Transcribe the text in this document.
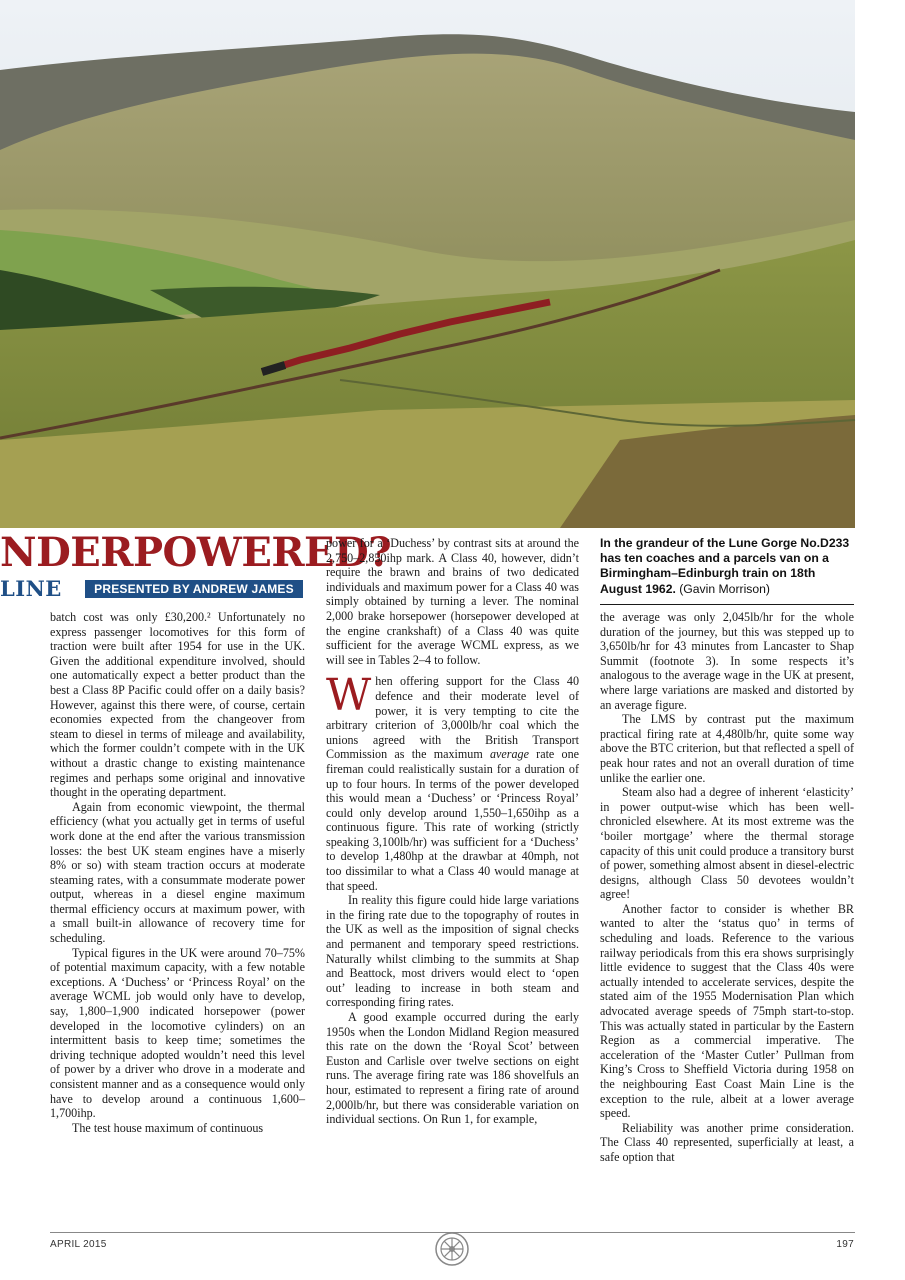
NDERPOWERED?
LINE	PRESENTED BY ANDREW JAMES

batch cost was only £30,200.² Unfortunately no express passenger locomotives for this form of traction were built after 1954 for use in the UK. Given the additional expenditure involved, should one automatically expect a better product than the best a Class 8P Pacific could offer on a daily basis? However, against this there were, of course, certain economies expected from the changeover from steam to diesel in terms of mileage and availability, which the former couldn’t compete with in the UK without a drastic change to existing maintenance regimes and perhaps some original and innovative thought in the operating department.

Again from economic viewpoint, the thermal efficiency (what you actually get in terms of useful work done at the end after the various transmission losses: the best UK steam engines have a miserly 8% or so) with steam traction occurs at moderate steaming rates, with a consummate moderate power output, whereas in a diesel engine maximum thermal efficiency occurs at maximum power, with a small built-in allowance of recovery time for scheduling.

Typical figures in the UK were around 70–75% of potential maximum capacity, with a few notable exceptions. A ‘Duchess’ or ‘Princess Royal’ on the average WCML job would only have to develop, say, 1,800–1,900 indicated horsepower (power developed in the locomotive cylinders) on an intermittent basis to keep time; sometimes the driving technique adopted wouldn’t need this level of power by a driver who drove in a moderate and consistent manner and as a consequence would only have to develop around a continuous 1,600–1,700ihp.

The test house maximum of continuous

power for a ‘Duchess’ by contrast sits at around the 2,750–2,850ihp mark. A Class 40, however, didn’t require the brawn and brains of two dedicated individuals and maximum power for a Class 40 was simply obtained by turning a lever. The nominal 2,000 brake horsepower (horsepower developed at the engine crankshaft) of a Class 40 was quite sufficient for the average WCML express, as we will see in Tables 2–4 to follow.

When offering support for the Class 40 defence and their moderate level of power, it is very tempting to cite the arbitrary criterion of 3,000lb/hr coal which the unions agreed with the British Transport Commission as the maximum average rate one fireman could realistically sustain for a duration of up to four hours. In terms of the power developed this would mean a ‘Duchess’ or ‘Princess Royal’ could only develop around 1,550–1,650ihp as a continuous figure. This rate of working (strictly speaking 3,100lb/hr) was sufficient for a ‘Duchess’ to develop 1,480hp at the drawbar at 40mph, not too dissimilar to what a Class 40 would manage at that speed.

In reality this figure could hide large variations in the firing rate due to the topography of routes in the UK as well as the imposition of signal checks and permanent and temporary speed restrictions. Naturally whilst climbing to the summits at Shap and Beattock, most drivers would elect to ‘open out’ leading to increase in both steam and corresponding firing rates.

A good example occurred during the early 1950s when the London Midland Region measured this rate on the down the ‘Royal Scot’ between Euston and Carlisle over twelve sections on eight runs. The average firing rate was 186 shovelfuls an hour, estimated to represent a firing rate of around 2,000lb/hr, but there was considerable variation on individual sections. On Run 1, for example,

In the grandeur of the Lune Gorge No.D233 has ten coaches and a parcels van on a Birmingham–Edinburgh train on 18th August 1962. (Gavin Morrison)

the average was only 2,045lb/hr for the whole duration of the journey, but this was stepped up to 3,650lb/hr for 43 minutes from Lancaster to Shap Summit (footnote 3). In some respects it’s analogous to the average wage in the UK at present, where large variations are masked and distorted by an average figure.

The LMS by contrast put the maximum practical firing rate at 4,480lb/hr, quite some way above the BTC criterion, but that reflected a spell of peak hour rates and not an overall duration of time unlike the earlier one.

Steam also had a degree of inherent ‘elasticity’ in power output-wise which has been well-chronicled elsewhere. At its most extreme was the ‘boiler mortgage’ where the thermal storage capacity of this unit could produce a transitory burst of power, something almost absent in diesel-electric designs, although Class 50 devotees wouldn’t agree!

Another factor to consider is whether BR wanted to alter the ‘status quo’ in terms of scheduling and loads. Reference to the various railway periodicals from this era shows surprisingly little evidence to suggest that the Class 40s were actually intended to accelerate services, despite the stated aim of the 1955 Modernisation Plan which advocated average speeds of 75mph start-to-stop. This was actually stated in particular by the Eastern Region as a commercial imperative. The acceleration of the ‘Master Cutler’ Pullman from King’s Cross to Sheffield Victoria during 1958 on the neighbouring East Coast Main Line is the exception to the rule, albeit at a lower average speed.

Reliability was another prime consideration. The Class 40 represented, superficially at least, a safe option that

APRIL 2015	197
